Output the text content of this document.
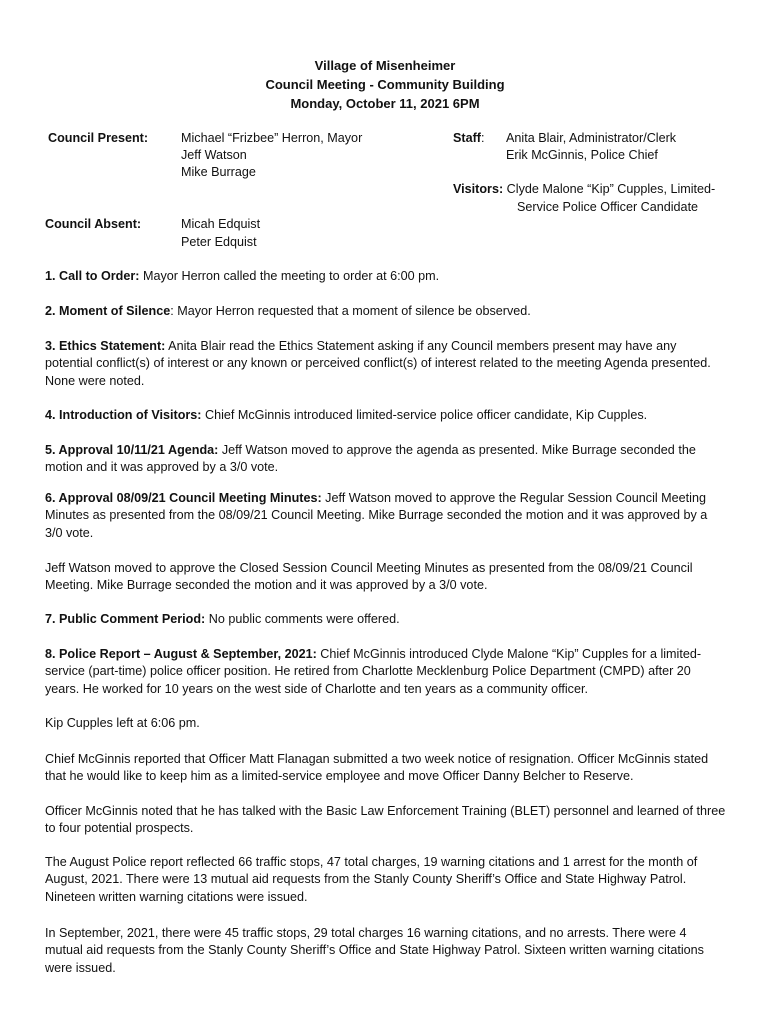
Village of Misenheimer
Council Meeting - Community Building
Monday, October 11, 2021 6PM
Council Present:	Michael “Frizbee” Herron, Mayor
Jeff Watson
Mike Burrage
Staff: Anita Blair, Administrator/Clerk
Erik McGinnis, Police Chief
Visitors: Clyde Malone “Kip” Cupples, Limited-
Service Police Officer Candidate
Council Absent:	Micah Edquist
Peter Edquist

1. Call to Order: Mayor Herron called the meeting to order at 6:00 pm.

2. Moment of Silence: Mayor Herron requested that a moment of silence be observed.

3. Ethics Statement: Anita Blair read the Ethics Statement asking if any Council members present may have any potential conflict(s) of interest or any known or perceived conflict(s) of interest related to the meeting Agenda presented. None were noted.

4. Introduction of Visitors: Chief McGinnis introduced limited-service police officer candidate, Kip Cupples.

5. Approval 10/11/21 Agenda: Jeff Watson moved to approve the agenda as presented. Mike Burrage seconded the motion and it was approved by a 3/0 vote.

6. Approval 08/09/21 Council Meeting Minutes: Jeff Watson moved to approve the Regular Session Council Meeting Minutes as presented from the 08/09/21 Council Meeting. Mike Burrage seconded the motion and it was approved by a 3/0 vote.

Jeff Watson moved to approve the Closed Session Council Meeting Minutes as presented from the 08/09/21 Council Meeting. Mike Burrage seconded the motion and it was approved by a 3/0 vote.

7. Public Comment Period: No public comments were offered.

8. Police Report – August & September, 2021: Chief McGinnis introduced Clyde Malone “Kip” Cupples for a limited-service (part-time) police officer position. He retired from Charlotte Mecklenburg Police Department (CMPD) after 20 years. He worked for 10 years on the west side of Charlotte and ten years as a community officer.

Kip Cupples left at 6:06 pm.

Chief McGinnis reported that Officer Matt Flanagan submitted a two week notice of resignation. Officer McGinnis stated that he would like to keep him as a limited-service employee and move Officer Danny Belcher to Reserve.

Officer McGinnis noted that he has talked with the Basic Law Enforcement Training (BLET) personnel and learned of three to four potential prospects.

The August Police report reflected 66 traffic stops, 47 total charges, 19 warning citations and 1 arrest for the month of August, 2021. There were 13 mutual aid requests from the Stanly County Sheriff’s Office and State Highway Patrol. Nineteen written warning citations were issued.

In September, 2021, there were 45 traffic stops, 29 total charges 16 warning citations, and no arrests. There were 4 mutual aid requests from the Stanly County Sheriff’s Office and State Highway Patrol. Sixteen written warning citations were issued.
